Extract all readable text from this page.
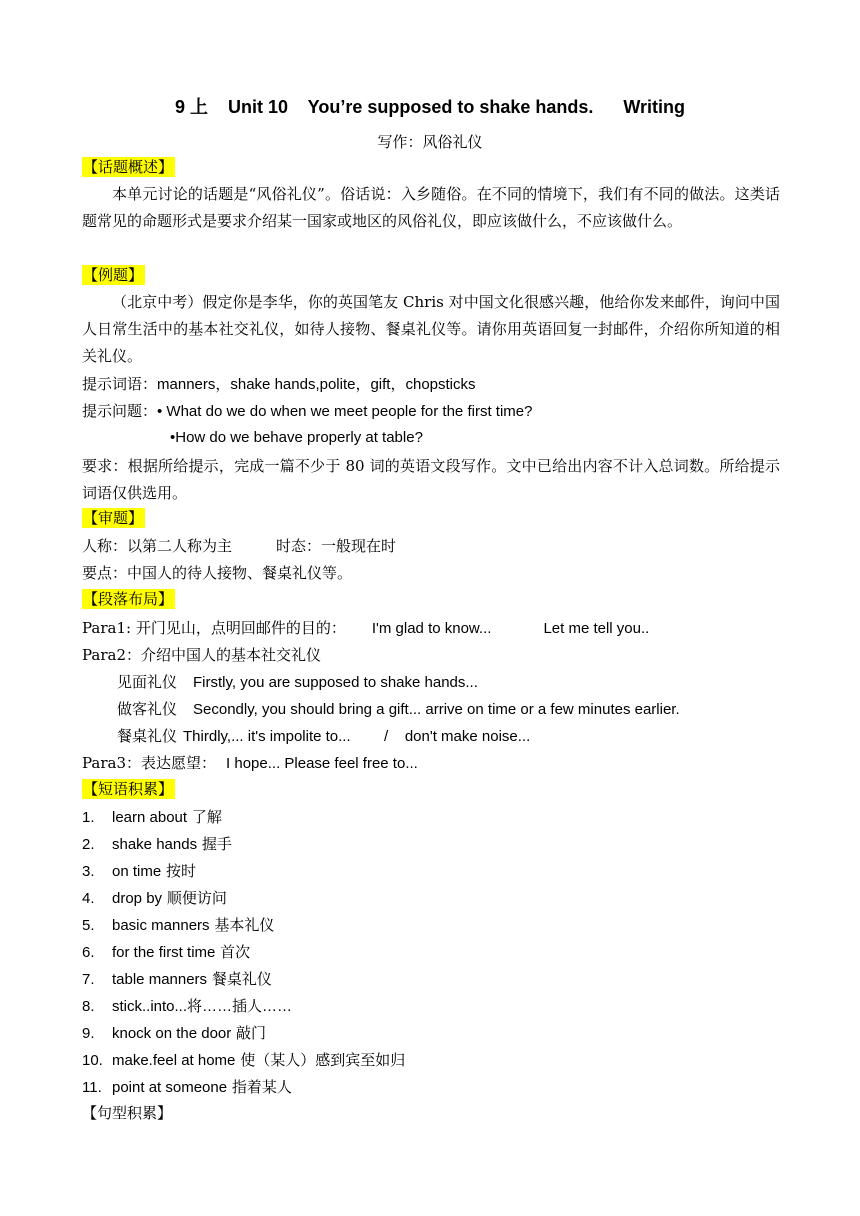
9 上    Unit 10    You’re supposed to shake hands.      Writing
写作：风俗礼仪
【话题概述】
本单元讨论的话题是“风俗礼仪”。俗话说：入乡随俗。在不同的情境下，我们有不同的做法。这类话题常见的命题形式是要求介绍某一国家或地区的风俗礼仪，即应该做什么，不应该做什么。
【例题】
（北京中考）假定你是李华，你的英国笔友 Chris 对中国文化很感兴趣，他给你发来邮件，询问中国人日常生活中的基本社交礼仪，如待人接物、餐桌礼仪等。请你用英语回复一封邮件，介绍你所知道的相关礼仪。
提示词语：manners，shake hands,polite，gift，chopsticks
提示问题：• What do we do when we meet people for the first time?
•How do we behave properly at table?
要求：根据所给提示，完成一篇不少于 80 词的英语文段写作。文中已给出内容不计入总词数。所给提示词语仅供选用。
【审题】
人称：以第二人称为主	时态：一般现在时
要点：中国人的待人接物、餐桌礼仪等。
【段落布局】
Para1: 开门见山，点明回邮件的目的： I'm glad to know...	Let me tell you..
Para2：介绍中国人的基本社交礼仪
见面礼仪 Firstly, you are supposed to shake hands...
做客礼仪 Secondly, you should bring a gift... arrive on time or a few minutes earlier.
餐桌礼仪 Thirdly,... it's impolite to...        /    don't make noise...
Para3：表达愿望： I hope... Please feel free to...
【短语积累】
1. learn about 了解
2. shake hands 握手
3. on time 按时
4. drop by 顺便访问
5. basic manners 基本礼仪
6. for the first time 首次
7. table manners 餐桌礼仪
8. stick..into...将……插人……
9. knock on the door 敲门
10. make.feel at home 使（某人）感到宾至如归
11. point at someone 指着某人
【句型积累】
